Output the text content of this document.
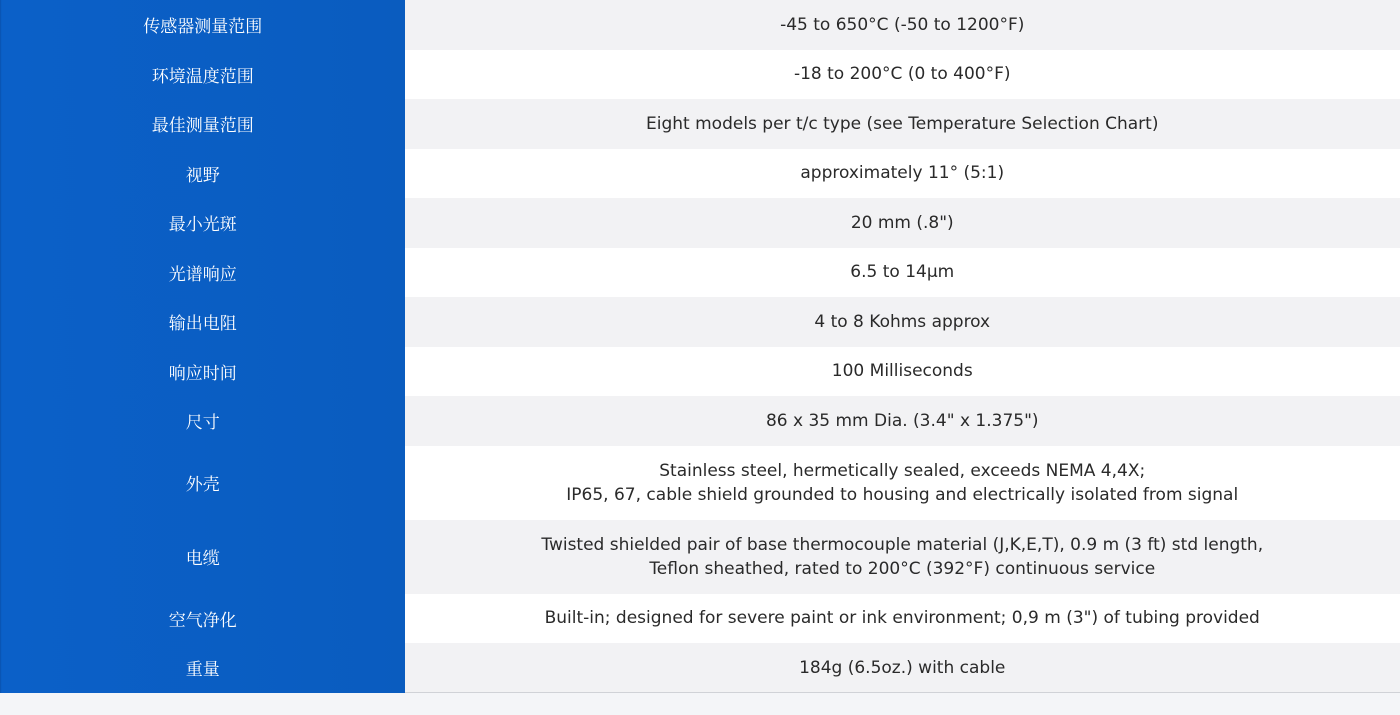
传感器测量范围	-45 to 650°C (-50 to 1200°F)

环境温度范围	-18 to 200°C (0 to 400°F)

最佳测量范围	Eight models per t/c type (see Temperature Selection Chart)

视野	approximately 11° (5:1)

最小光斑	20 mm (.8")

光谱响应	6.5 to 14µm

输出电阻	4 to 8 Kohms approx

响应时间	100 Milliseconds

尺寸	86 x 35 mm Dia. (3.4" x 1.375")

外壳	Stainless steel, hermetically sealed, exceeds NEMA 4,4X;
IP65, 67, cable shield grounded to housing and electrically isolated from signal

电缆	Twisted shielded pair of base thermocouple material (J,K,E,T), 0.9 m (3 ft) std length,
Teflon sheathed, rated to 200°C (392°F) continuous service

空气净化	Built-in; designed for severe paint or ink environment; 0,9 m (3") of tubing provided

重量	184g (6.5oz.) with cable
